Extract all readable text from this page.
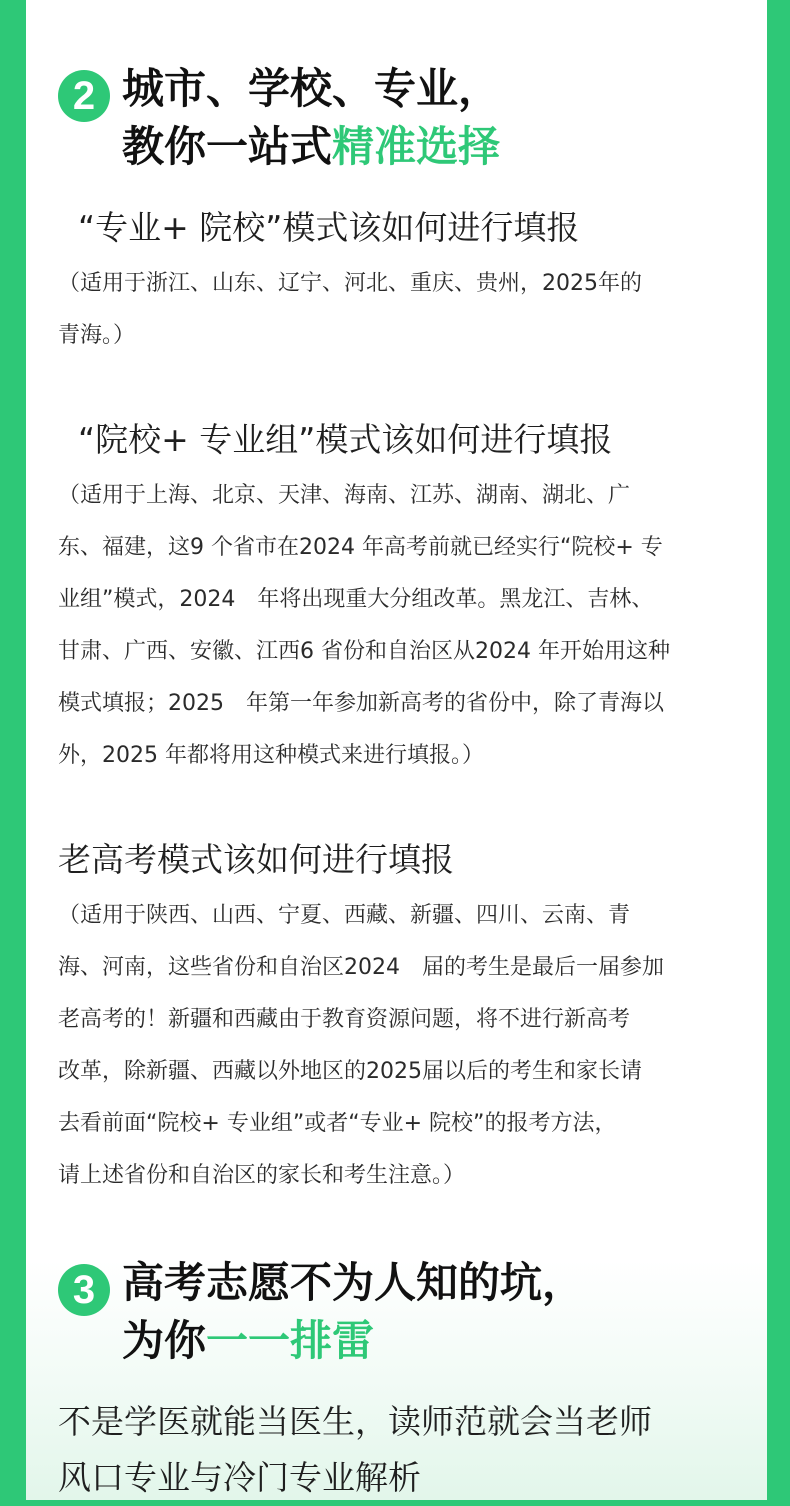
2 城市、学校、专业，
教你一站式精准选择
“专业+ 院校”模式该如何进行填报
（适用于浙江、山东、辽宁、河北、重庆、贵州，2025年的
青海。）
“院校+ 专业组”模式该如何进行填报
（适用于上海、北京、天津、海南、江苏、湖南、湖北、广
东、福建，这9 个省市在2024 年高考前就已经实行“院校+ 专
业组”模式，2024　年将出现重大分组改革。黑龙江、吉林、
甘肃、广西、安徽、江西6 省份和自治区从2024 年开始用这种
模式填报；2025　年第一年参加新高考的省份中，除了青海以
外，2025 年都将用这种模式来进行填报。）
老高考模式该如何进行填报
（适用于陕西、山西、宁夏、西藏、新疆、四川、云南、青
海、河南，这些省份和自治区2024　届的考生是最后一届参加
老高考的！新疆和西藏由于教育资源问题，将不进行新高考
改革，除新疆、西藏以外地区的2025届以后的考生和家长请
去看前面“院校+ 专业组”或者“专业+ 院校”的报考方法，
请上述省份和自治区的家长和考生注意。）
3 高考志愿不为人知的坑，
为你一一排雷
不是学医就能当医生，读师范就会当老师
风口专业与冷门专业解析
